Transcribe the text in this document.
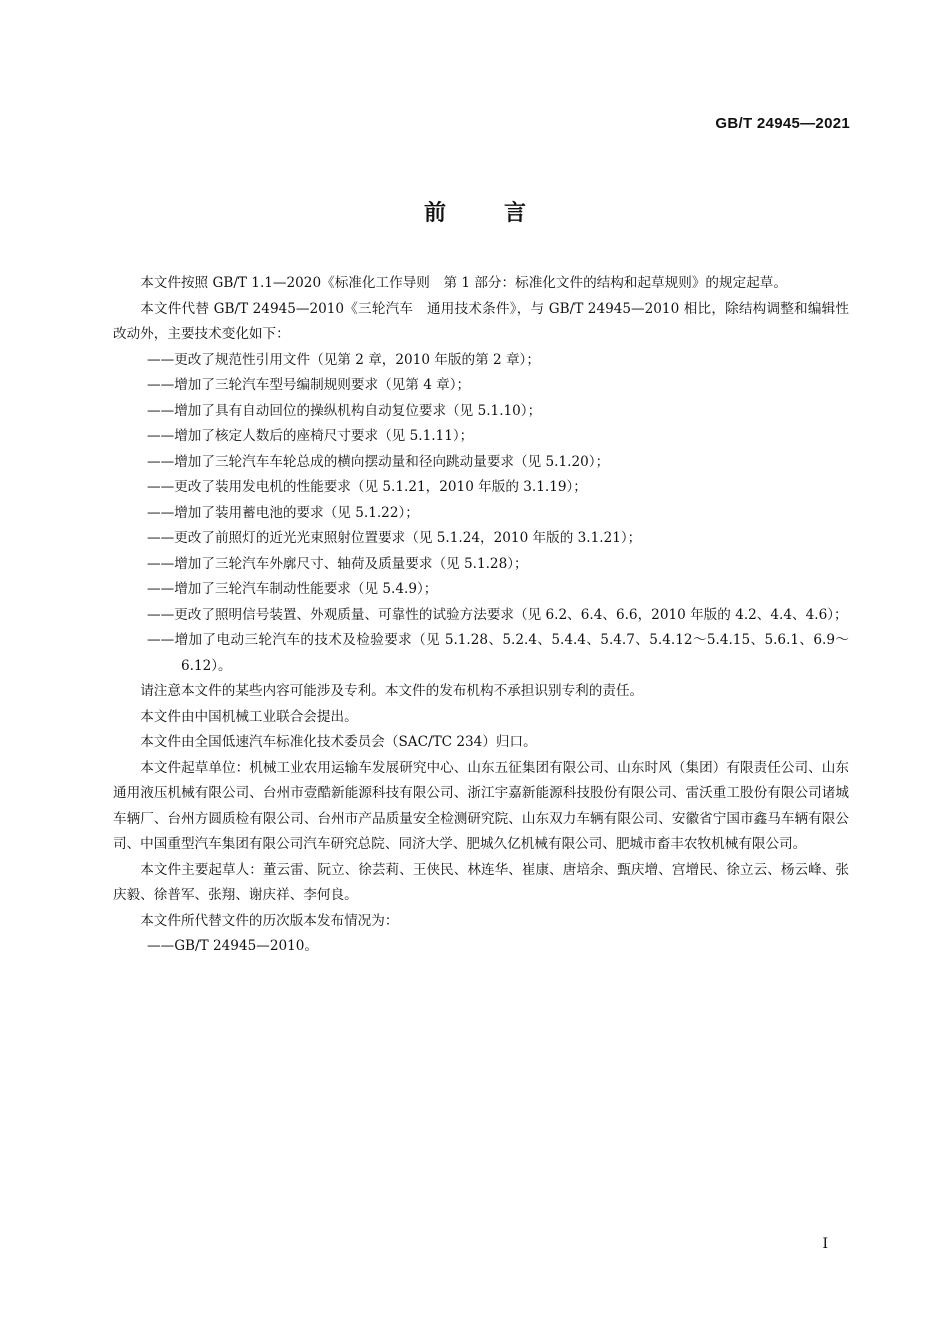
GB/T 24945—2021
前言

本文件按照 GB/T 1.1—2020《标准化工作导则　第 1 部分：标准化文件的结构和起草规则》的规定起草。

本文件代替 GB/T 24945—2010《三轮汽车　通用技术条件》，与 GB/T 24945—2010 相比，除结构调整和编辑性改动外，主要技术变化如下：

——更改了规范性引用文件（见第 2 章，2010 年版的第 2 章）；

——增加了三轮汽车型号编制规则要求（见第 4 章）；

——增加了具有自动回位的操纵机构自动复位要求（见 5.1.10）；

——增加了核定人数后的座椅尺寸要求（见 5.1.11）；

——增加了三轮汽车车轮总成的横向摆动量和径向跳动量要求（见 5.1.20）；

——更改了装用发电机的性能要求（见 5.1.21，2010 年版的 3.1.19）；

——增加了装用蓄电池的要求（见 5.1.22）；

——更改了前照灯的近光光束照射位置要求（见 5.1.24，2010 年版的 3.1.21）；

——增加了三轮汽车外廓尺寸、轴荷及质量要求（见 5.1.28）；

——增加了三轮汽车制动性能要求（见 5.4.9）；

——更改了照明信号装置、外观质量、可靠性的试验方法要求（见 6.2、6.4、6.6，2010 年版的 4.2、4.4、4.6）；

——增加了电动三轮汽车的技术及检验要求（见 5.1.28、5.2.4、5.4.4、5.4.7、5.4.12～5.4.15、5.6.1、6.9～6.12）。

请注意本文件的某些内容可能涉及专利。本文件的发布机构不承担识别专利的责任。

本文件由中国机械工业联合会提出。

本文件由全国低速汽车标准化技术委员会（SAC/TC 234）归口。

本文件起草单位：机械工业农用运输车发展研究中心、山东五征集团有限公司、山东时风（集团）有限责任公司、山东通用液压机械有限公司、台州市壹酷新能源科技有限公司、浙江宇嘉新能源科技股份有限公司、雷沃重工股份有限公司诸城车辆厂、台州方圆质检有限公司、台州市产品质量安全检测研究院、山东双力车辆有限公司、安徽省宁国市鑫马车辆有限公司、中国重型汽车集团有限公司汽车研究总院、同济大学、肥城久亿机械有限公司、肥城市畜丰农牧机械有限公司。

本文件主要起草人：董云雷、阮立、徐芸莉、王侠民、林连华、崔康、唐培余、甄庆增、宫增民、徐立云、杨云峰、张庆毅、徐普军、张翔、谢庆祥、李何良。

本文件所代替文件的历次版本发布情况为：

——GB/T 24945—2010。

I
